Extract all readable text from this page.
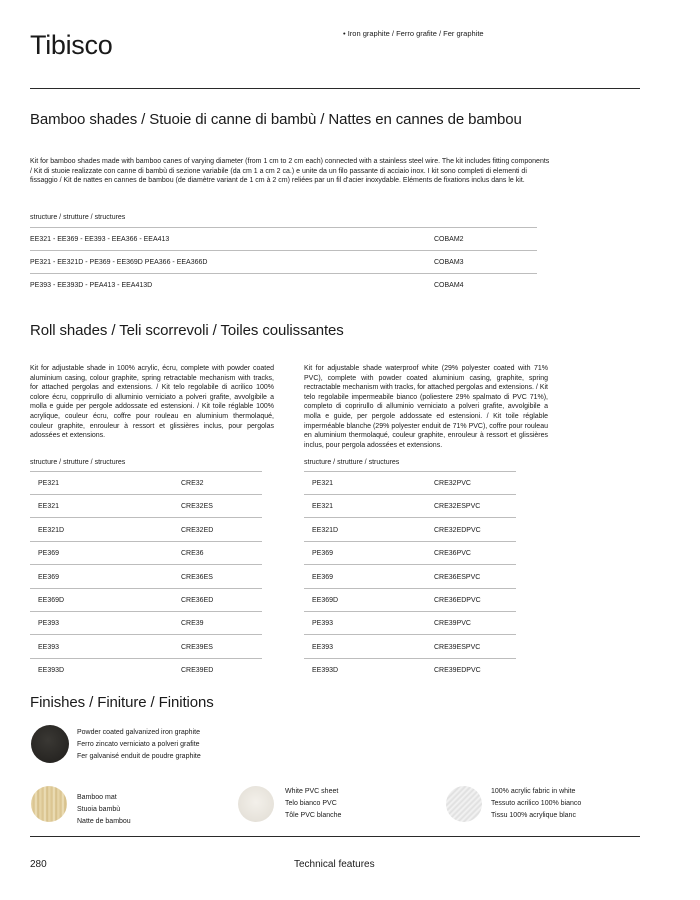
Tibisco	• Iron graphite / Ferro grafite / Fer graphite
Bamboo shades / Stuoie di canne di bambù / Nattes en cannes de bambou
Kit for bamboo shades made with bamboo canes of varying diameter (from 1 cm to 2 cm each) connected with a stainless steel wire. The kit includes fitting components / Kit di stuoie realizzate con canne di bambù di sezione variabile (da cm 1 a cm 2 ca.) e unite da un filo passante di acciaio inox. I kit sono completi di elementi di fissaggio / Kit de nattes en cannes de bambou (de diamètre variant de 1 cm à 2 cm) reliées par un fil d'acier inoxydable. Eléments de fixations inclus dans le kit.
structure / strutture / structures
EE321 - EE369 - EE393 - EEA366 - EEA413	COBAM2
PE321 - EE321D - PE369 - EE369D PEA366 - EEA366D	COBAM3
PE393 - EE393D - PEA413 - EEA413D	COBAM4
Roll shades / Teli scorrevoli / Toiles coulissantes
Kit for adjustable shade in 100% acrylic, écru, complete with powder coated aluminium casing, colour graphite, spring retractable mechanism with tracks, for attached pergolas and extensions. / Kit telo regolabile di acrilico 100% colore écru, copprirullo di alluminio verniciato a polveri grafite, avvolgibile a molla e guide per pergole addossate ed estensioni. / Kit toile réglable 100% acrylique, couleur écru, coffre pour rouleau en aluminium thermolaqué, couleur graphite, enrouleur à ressort et glissières inclus, pour pergolas adossées et extensions.
Kit for adjustable shade waterproof white (29% polyester coated with 71% PVC), complete with powder coated aluminium casing, graphite, spring rectractable mechanism with tracks, for attached pergolas and extensions. / Kit telo regolabile impermeabile bianco (poliestere 29% spalmato di PVC 71%), completo di coprirullo di alluminio verniciato a polveri grafite, avvolgibile a molla e guide, per pergole addossate ed estensioni. / Kit toile réglable imperméable blanche (29% polyester enduit de 71% PVC), coffre pour rouleau en aluminium thermolaqué, couleur graphite, enrouleur à ressort et glissières inclus, pour pergola adossées et extensions.
structure / strutture / structures	structure / strutture / structures
PE321	CRE32
EE321	CRE32ES
EE321D	CRE32ED
PE369	CRE36
EE369	CRE36ES
EE369D	CRE36ED
PE393	CRE39
EE393	CRE39ES
EE393D	CRE39ED
PE321	CRE32PVC
EE321	CRE32ESPVC
EE321D	CRE32EDPVC
PE369	CRE36PVC
EE369	CRE36ESPVC
EE369D	CRE36EDPVC
PE393	CRE39PVC
EE393	CRE39ESPVC
EE393D	CRE39EDPVC
Finishes / Finiture / Finitions
Powder coated galvanized iron graphite
Ferro zincato verniciato a polveri grafite
Fer galvanisé enduit de poudre graphite
Bamboo mat
Stuoia bambù
Natte de bambou
White PVC sheet
Telo bianco PVC
Tôle PVC blanche
100% acrylic fabric in white
Tessuto acrilico 100% bianco
Tissu 100% acrylique blanc
280	Technical features
